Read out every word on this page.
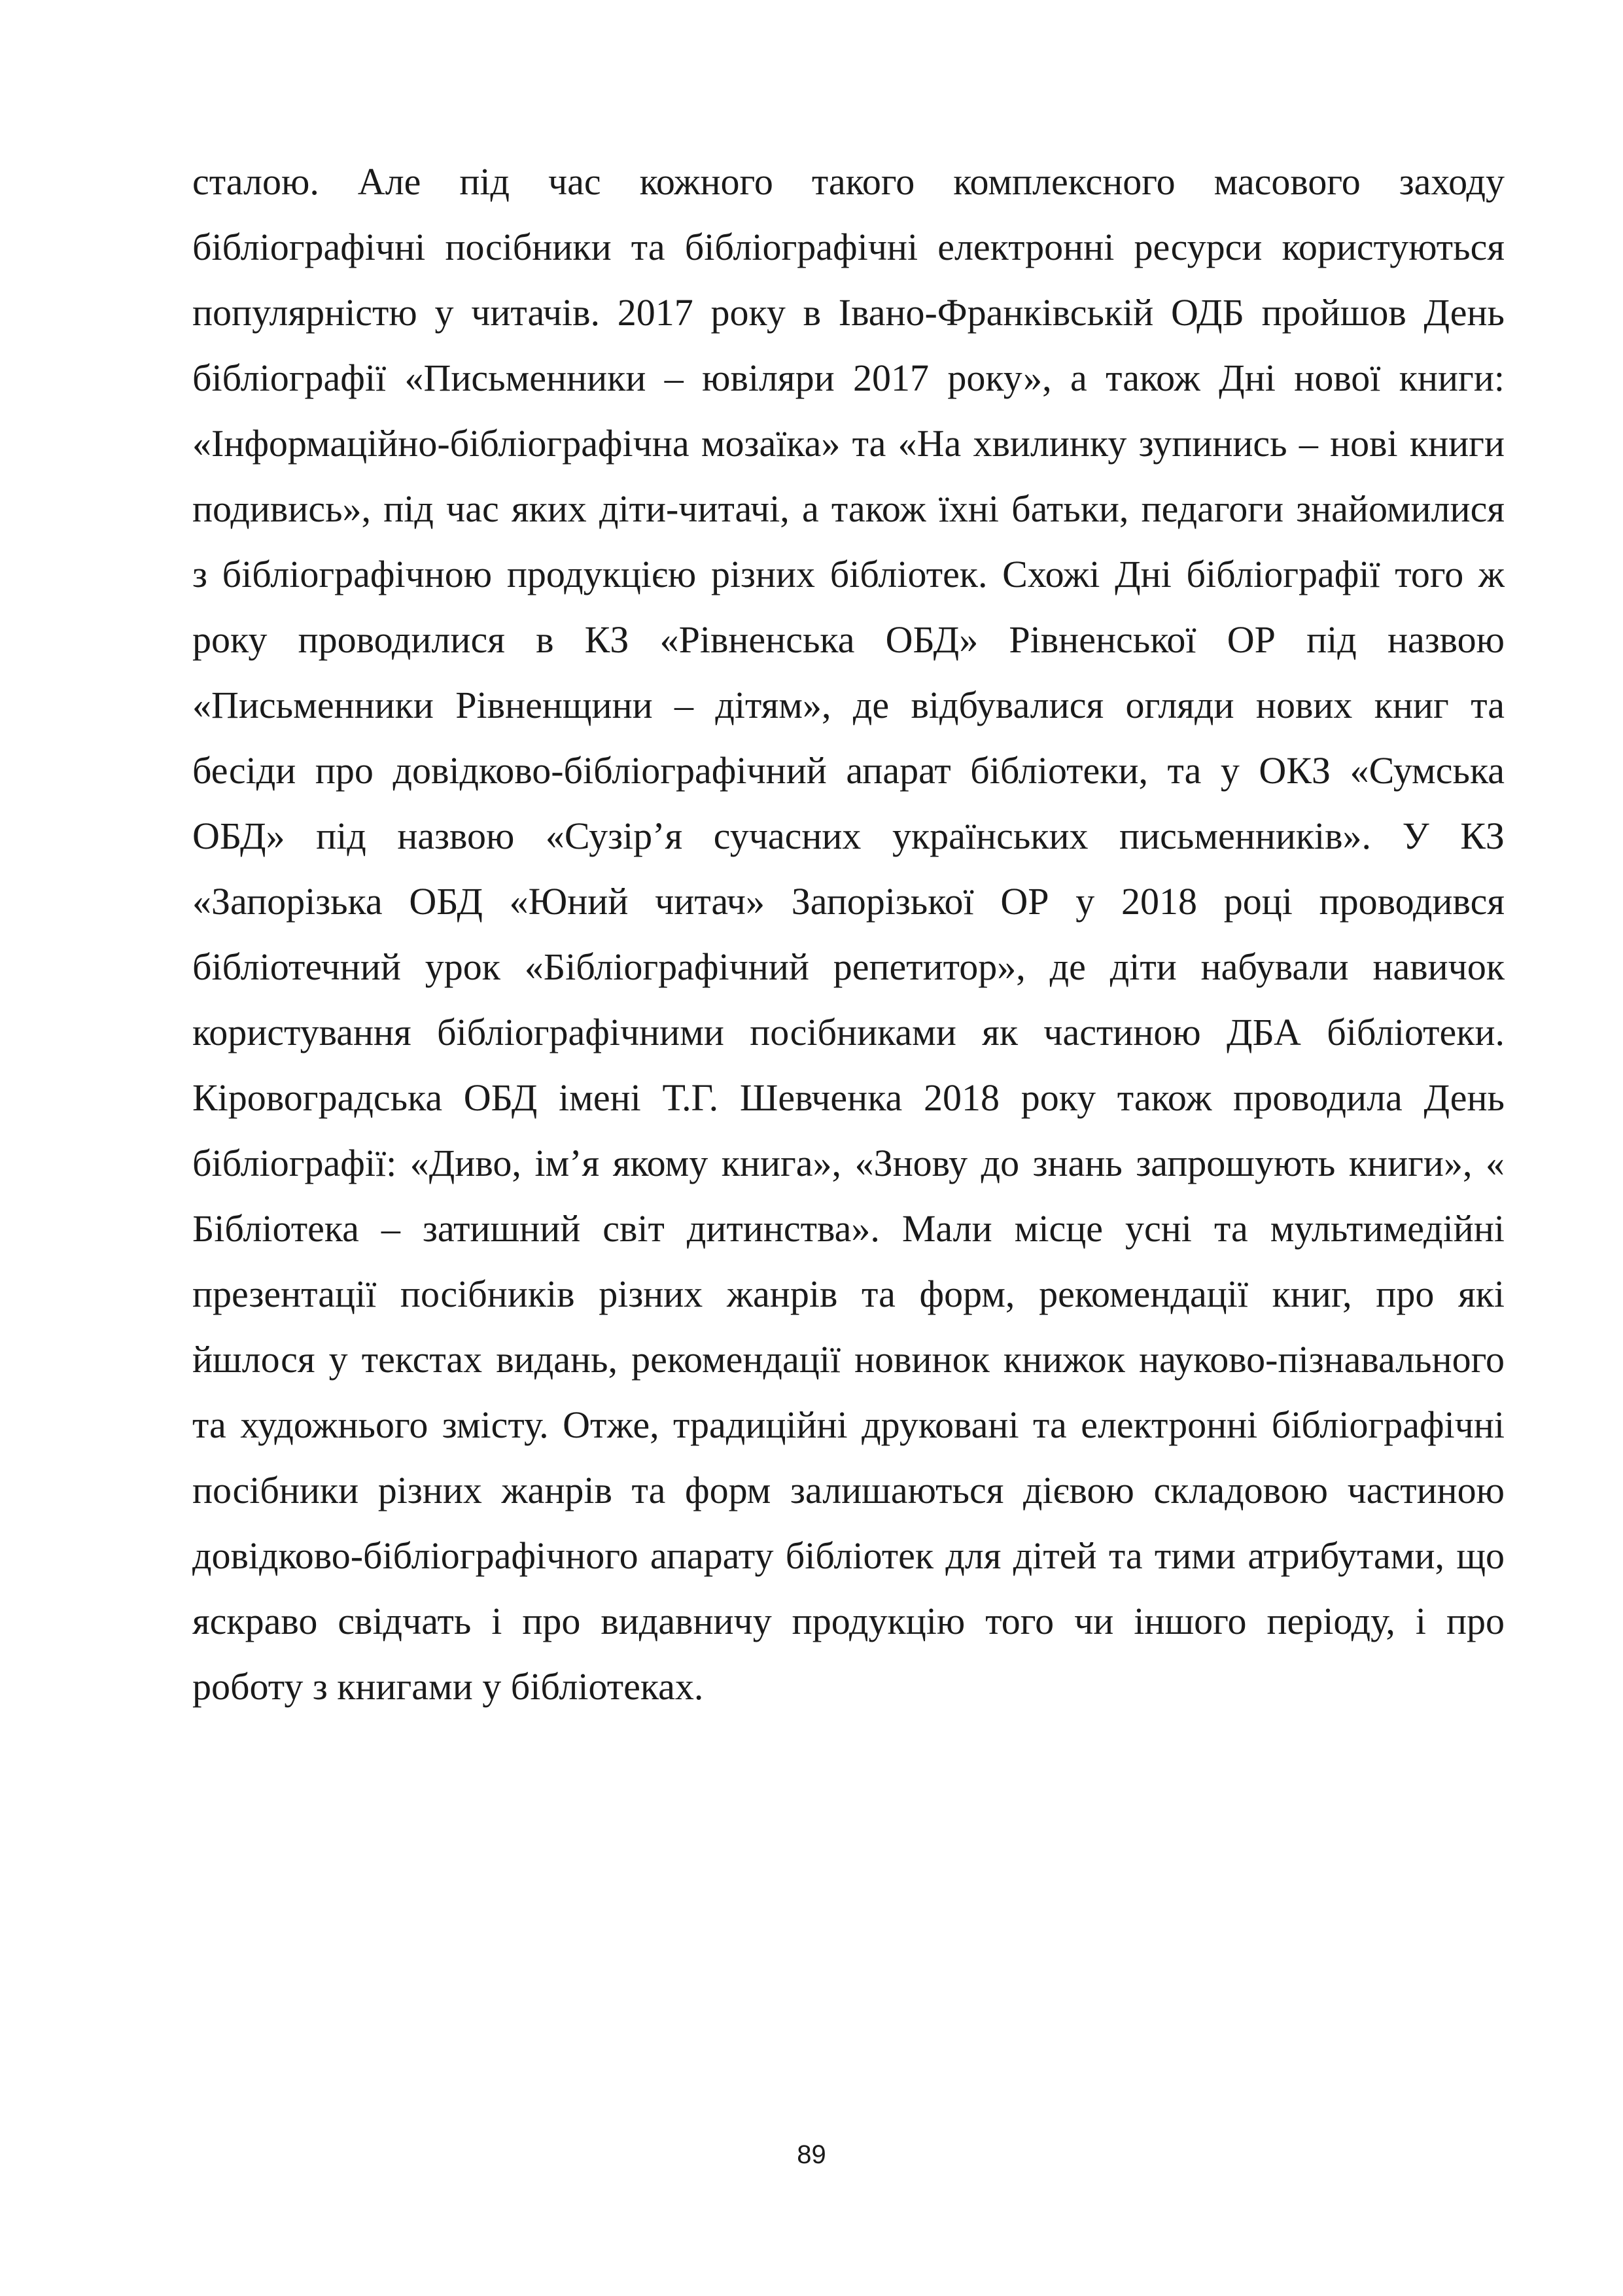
сталою. Але під час кожного такого комплексного масового заходу
бібліографічні посібники та бібліографічні електронні ресурси користуються
популярністю у читачів. 2017 року в Івано-Франківській ОДБ пройшов День
бібліографії «Письменники – ювіляри 2017 року», а також Дні нової книги:
«Інформаційно-бібліографічна мозаїка» та «На хвилинку зупинись – нові книги
подивись», під час яких діти-читачі, а також їхні батьки, педагоги знайомилися
з бібліографічною продукцією різних бібліотек. Схожі Дні бібліографії того ж
року проводилися в КЗ «Рівненська ОБД» Рівненської ОР під назвою
«Письменники Рівненщини – дітям», де відбувалися огляди нових книг та
бесіди про довідково-бібліографічний апарат бібліотеки, та у ОКЗ «Сумська
ОБД» під назвою «Сузір’я сучасних українських письменників». У КЗ
«Запорізька ОБД «Юний читач» Запорізької ОР у 2018 році проводився
бібліотечний урок «Бібліографічний репетитор», де діти набували навичок
користування бібліографічними посібниками як частиною ДБА бібліотеки.
Кіровоградська ОБД імені Т.Г. Шевченка 2018 року також проводила День
бібліографії: «Диво, ім’я якому книга», «Знову до знань запрошують книги», «
Бібліотека – затишний світ дитинства». Мали місце усні та мультимедійні
презентації посібників різних жанрів та форм, рекомендації книг, про які
йшлося у текстах видань, рекомендації новинок книжок науково-пізнавального
та художнього змісту. Отже, традиційні друковані та електронні бібліографічні
посібники різних жанрів та форм залишаються дієвою складовою частиною
довідково-бібліографічного апарату бібліотек для дітей та тими атрибутами, що
яскраво свідчать і про видавничу продукцію того чи іншого періоду, і про
роботу з книгами у бібліотеках.
89
